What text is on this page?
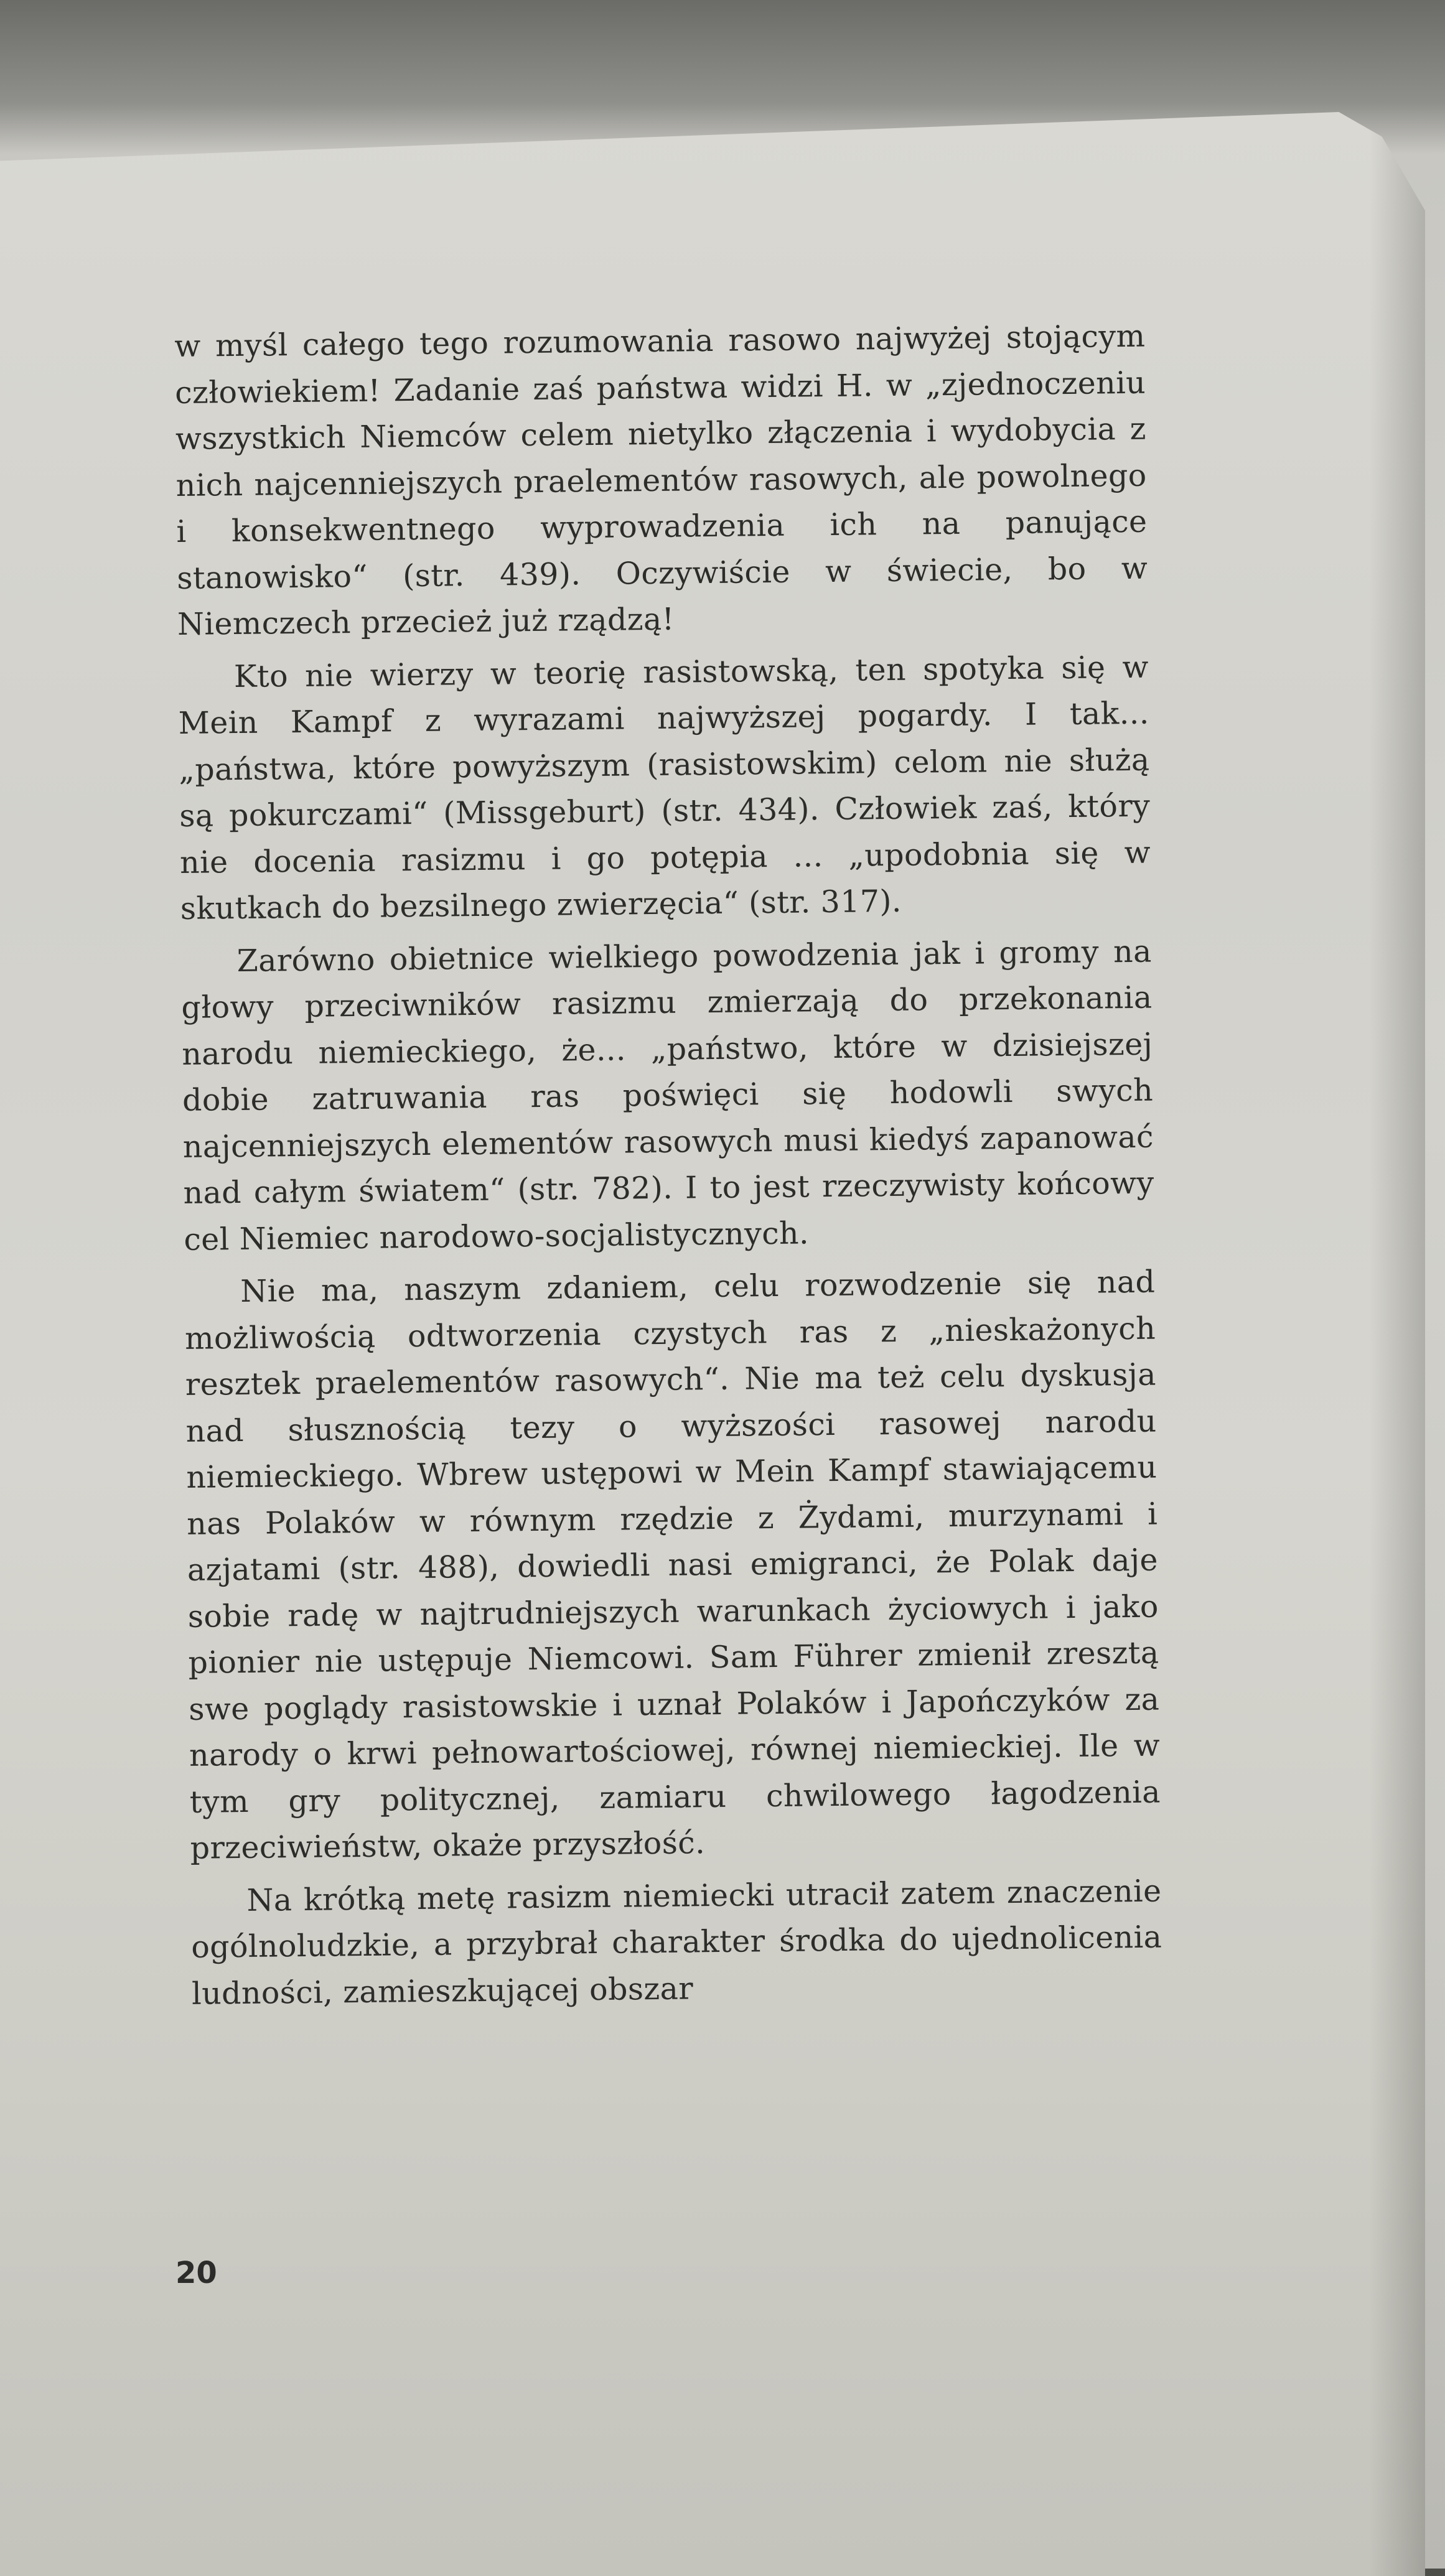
w myśl całego tego rozumowania rasowo najwyżej stojącym człowiekiem! Zadanie zaś państwa widzi H. w „zjednoczeniu wszystkich Niemców celem nietylko złączenia i wydobycia z nich najcenniejszych praelementów rasowych, ale powolnego i konsekwentnego wyprowadzenia ich na panujące stanowisko“ (str. 439). Oczywiście w świecie, bo w Niemczech przecież już rządzą!

Kto nie wierzy w teorię rasistowską, ten spotyka się w Mein Kampf z wyrazami najwyższej pogardy. I tak... „państwa, które powyższym (rasistowskim) celom nie służą są pokurczami“ (Missgeburt) (str. 434). Człowiek zaś, który nie docenia rasizmu i go potępia ... „upodobnia się w skutkach do bezsilnego zwierzęcia“ (str. 317).

Zarówno obietnice wielkiego powodzenia jak i gromy na głowy przeciwników rasizmu zmierzają do przekonania narodu niemieckiego, że... „państwo, które w dzisiejszej dobie zatruwania ras poświęci się hodowli swych najcenniejszych elementów rasowych musi kiedyś zapanować nad całym światem“ (str. 782). I to jest rzeczywisty końcowy cel Niemiec narodowo-socjalistycznych.

Nie ma, naszym zdaniem, celu rozwodzenie się nad możliwością odtworzenia czystych ras z „nieskażonych resztek praelementów rasowych“. Nie ma też celu dyskusja nad słusznością tezy o wyższości rasowej narodu niemieckiego. Wbrew ustępowi w Mein Kampf stawiającemu nas Polaków w równym rzędzie z Żydami, murzynami i azjatami (str. 488), dowiedli nasi emigranci, że Polak daje sobie radę w najtrudniejszych warunkach życiowych i jako pionier nie ustępuje Niemcowi. Sam Führer zmienił zresztą swe poglądy rasistowskie i uznał Polaków i Japończyków za narody o krwi pełnowartościowej, równej niemieckiej. Ile w tym gry politycznej, zamiaru chwilowego łagodzenia przeciwieństw, okaże przyszłość.

Na krótką metę rasizm niemiecki utracił zatem znaczenie ogólnoludzkie, a przybrał charakter środka do ujednolicenia ludności, zamieszkującej obszar

20
